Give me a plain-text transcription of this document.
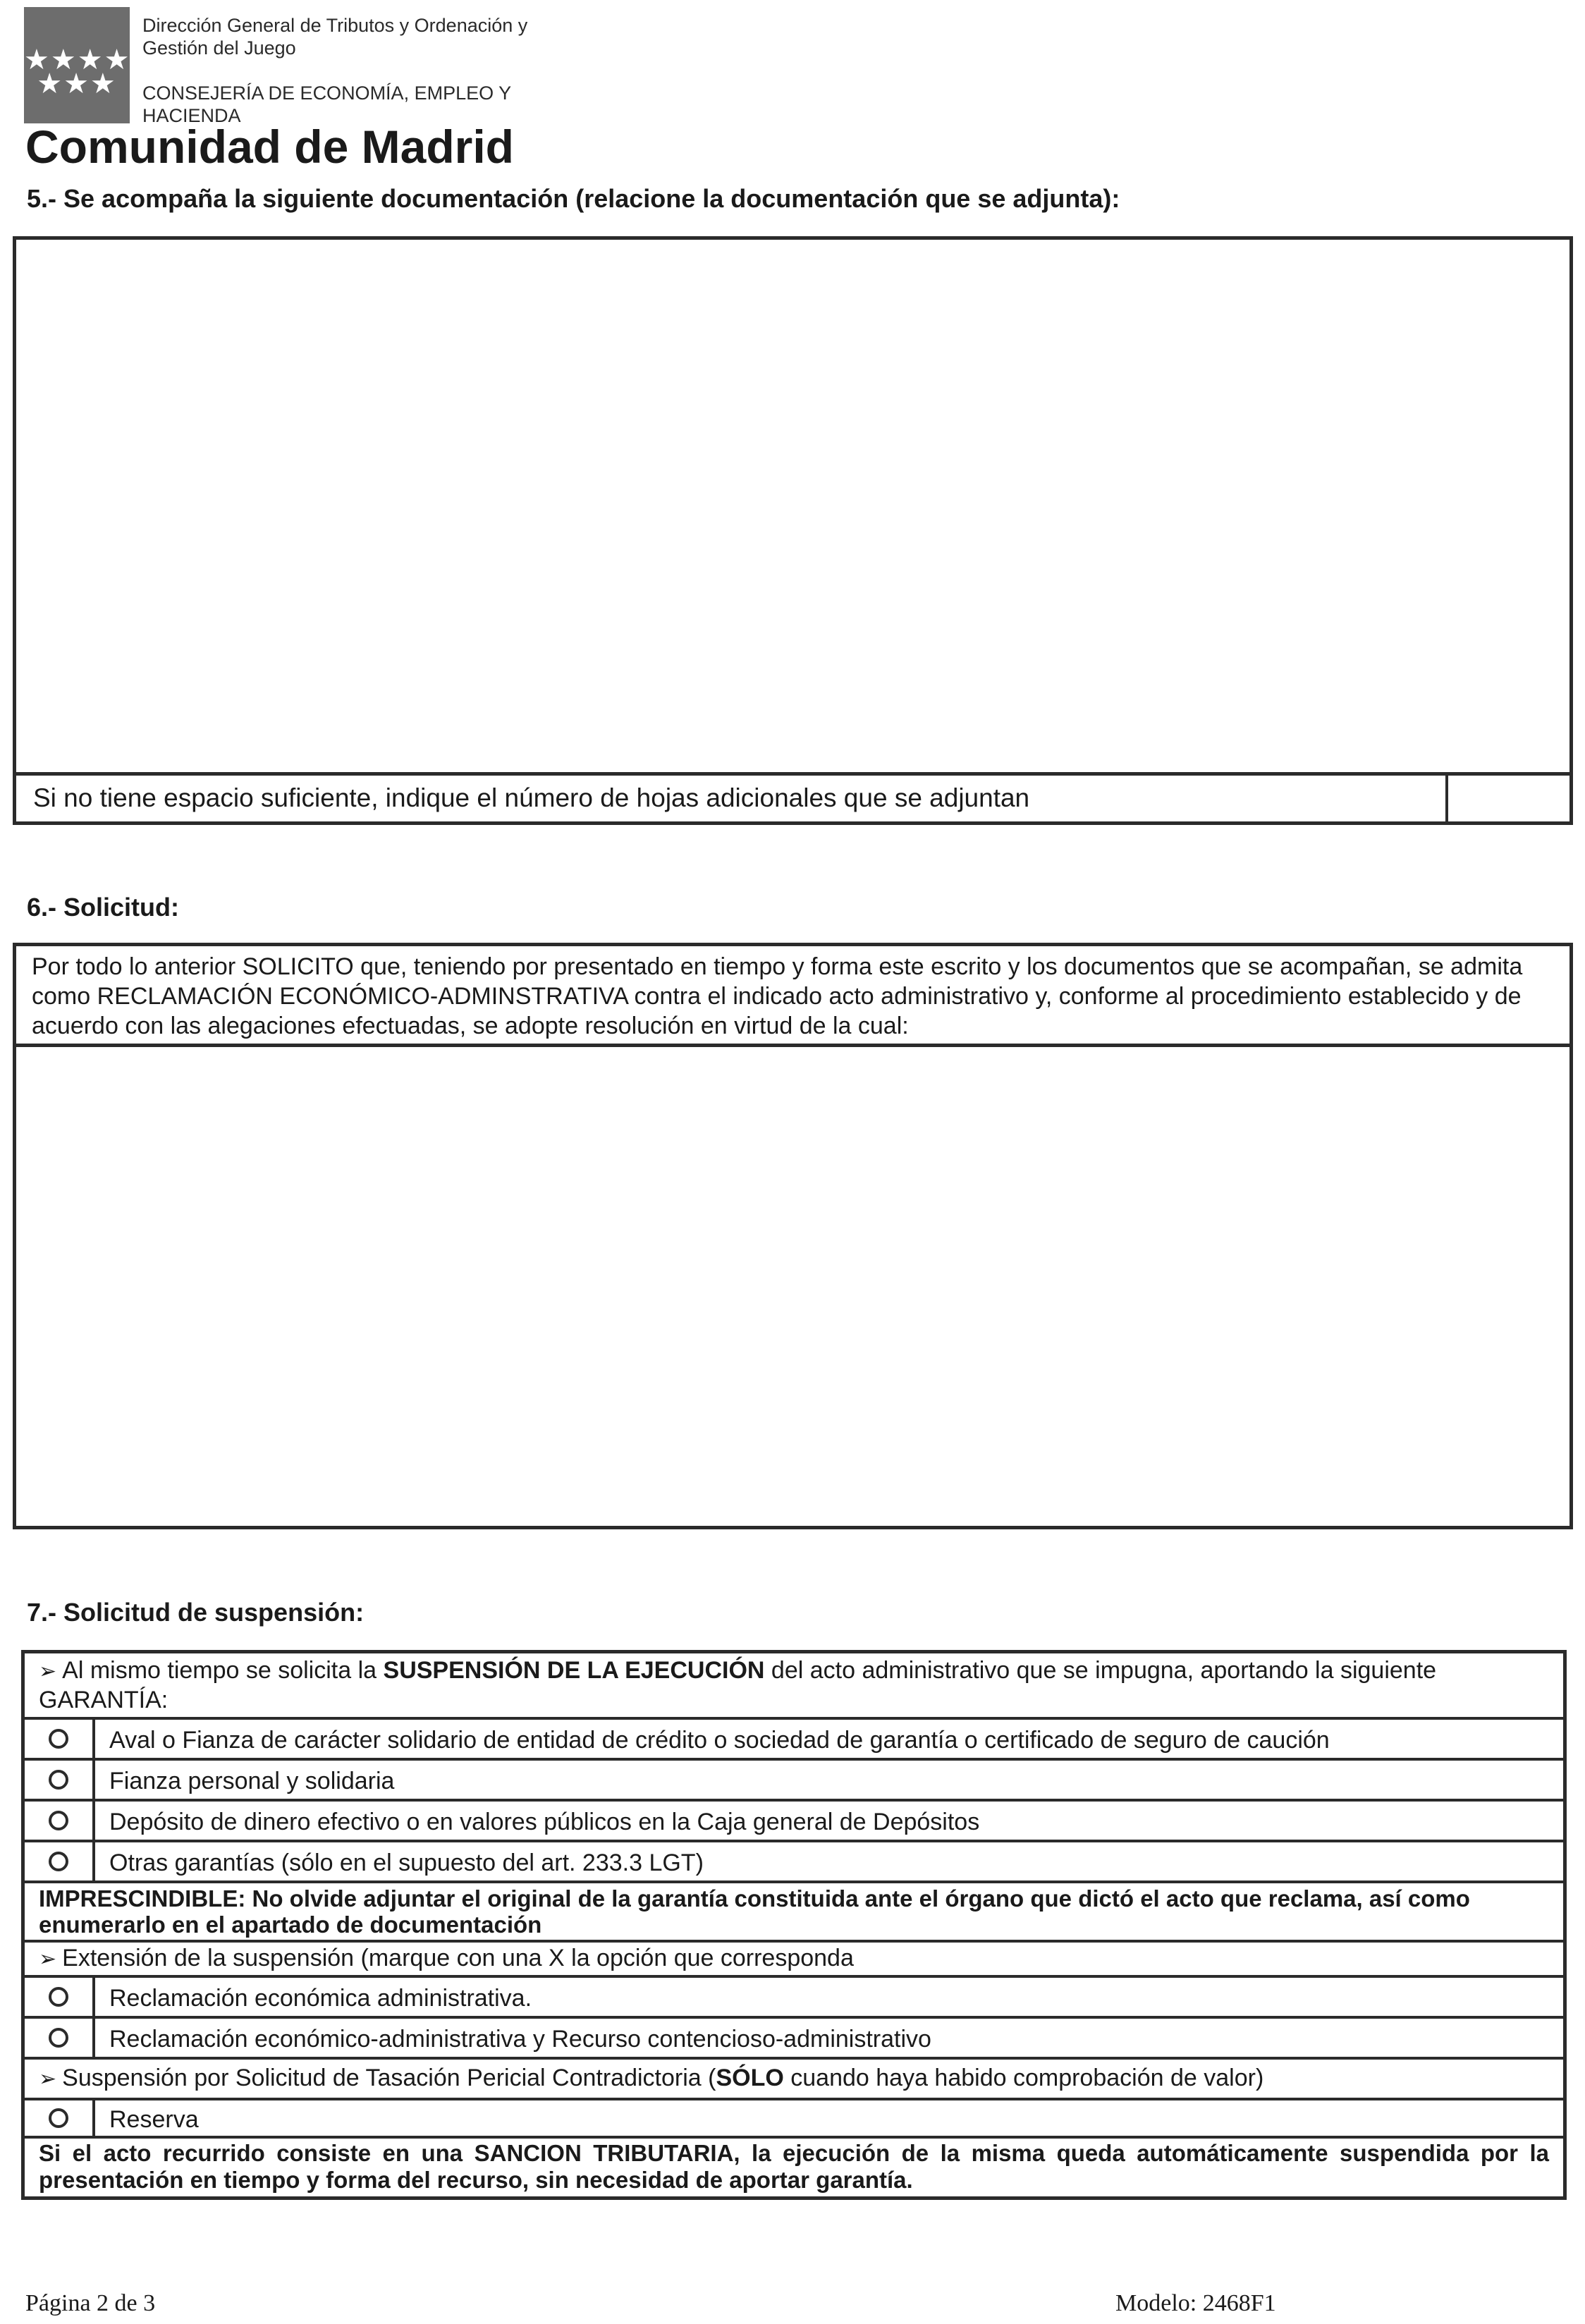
★★★★
★★★
Dirección General de Tributos y Ordenación y
Gestión del Juego
CONSEJERÍA DE ECONOMÍA, EMPLEO Y
HACIENDA
Comunidad de Madrid
5.- Se acompaña la siguiente documentación (relacione la documentación que se adjunta):
Si no tiene espacio suficiente, indique el número de hojas adicionales que se adjuntan
6.- Solicitud:
Por todo lo anterior SOLICITO que, teniendo por presentado en tiempo y forma este escrito y los documentos que se acompañan, se admita como RECLAMACIÓN ECONÓMICO-ADMINSTRATIVA contra el indicado acto administrativo y, conforme al procedimiento establecido y de acuerdo con las alegaciones efectuadas, se adopte resolución en virtud de la cual:
7.- Solicitud de suspensión:
➢ Al mismo tiempo se solicita la SUSPENSIÓN DE LA EJECUCIÓN del acto administrativo que se impugna, aportando la siguiente GARANTÍA:
Aval o Fianza de carácter solidario de entidad de crédito o sociedad de garantía o certificado de seguro de caución
Fianza personal y solidaria
Depósito de dinero efectivo o en valores públicos en la Caja general de Depósitos
Otras garantías (sólo en el supuesto del art. 233.3 LGT)
IMPRESCINDIBLE: No olvide adjuntar el original de la garantía constituida ante el órgano que dictó el acto que reclama, así como enumerarlo en el apartado de documentación
➢ Extensión de la suspensión (marque con una X la opción que corresponda
Reclamación económica administrativa.
Reclamación económico-administrativa y Recurso contencioso-administrativo
➢ Suspensión por Solicitud de Tasación Pericial Contradictoria (SÓLO cuando haya habido comprobación de valor)
Reserva
Si el acto recurrido consiste en una SANCION TRIBUTARIA, la ejecución de la misma queda automáticamente suspendida por la presentación en tiempo y forma del recurso, sin necesidad de aportar garantía.
Página 2 de 3	Modelo: 2468F1
